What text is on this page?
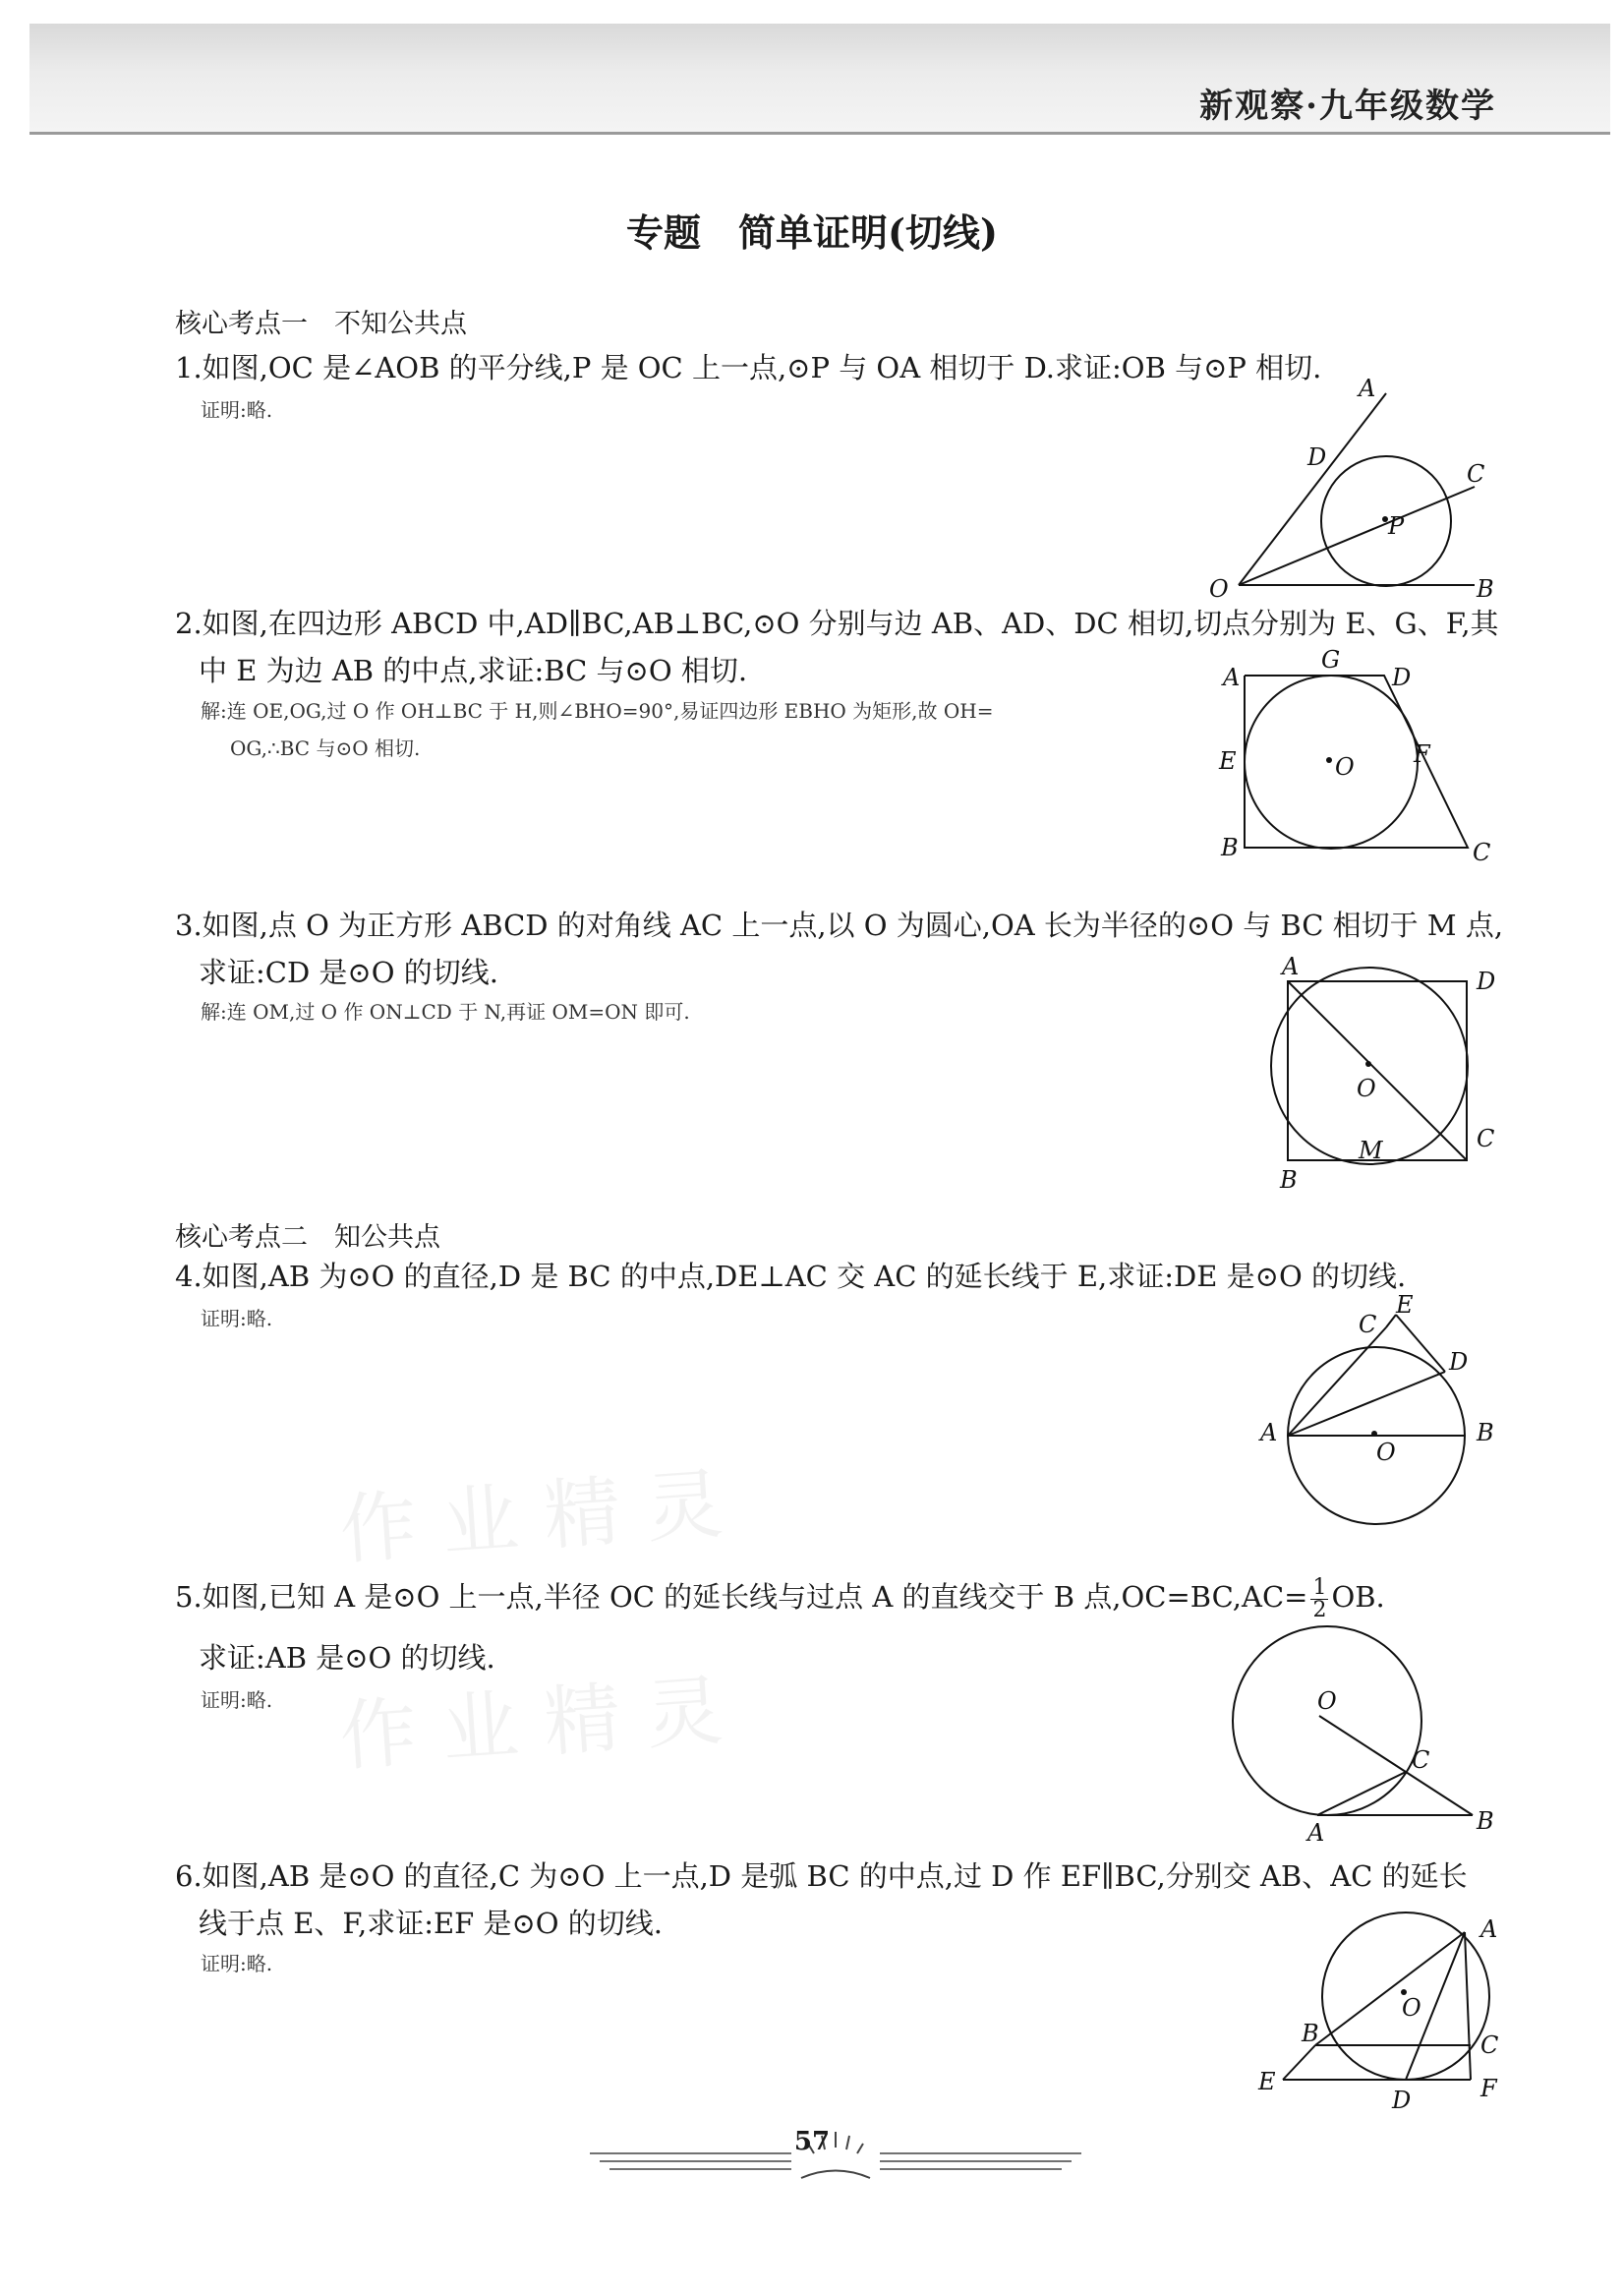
新观察·九年级数学
专题　简单证明(切线)
核心考点一　不知公共点
1.如图,OC 是∠AOB 的平分线,P 是 OC 上一点,⊙P 与 OA 相切于 D.求证:OB 与⊙P 相切.
证明:略.
A
D
C
P
O	B
2.如图,在四边形 ABCD 中,AD∥BC,AB⊥BC,⊙O 分别与边 AB、AD、DC 相切,切点分别为 E、G、F,其
中 E 为边 AB 的中点,求证:BC 与⊙O 相切.
解:连 OE,OG,过 O 作 OH⊥BC 于 H,则∠BHO=90°,易证四边形 EBHO 为矩形,故 OH=
OG,∴BC 与⊙O 相切.
A
G
D
F
E	O
B	C
3.如图,点 O 为正方形 ABCD 的对角线 AC 上一点,以 O 为圆心,OA 长为半径的⊙O 与 BC 相切于 M 点,
求证:CD 是⊙O 的切线.
解:连 OM,过 O 作 ON⊥CD 于 N,再证 OM=ON 即可.
A
D
O
B
M	C
核心考点二　知公共点
4.如图,AB 为⊙O 的直径,D 是 BC 的中点,DE⊥AC 交 AC 的延长线于 E,求证:DE 是⊙O 的切线.
证明:略.	E
C
D
A
O
B
5.如图,已知 A 是⊙O 上一点,半径 OC 的延长线与过点 A 的直线交于 B 点$,OC=BC,AC= \frac{1}{2}$ OB.
求证:AB 是⊙O 的切线.
证明:略.	O
C
A	B
6.如图,AB 是⊙O 的直径,C 为⊙O 上一点,D 是弧 BC 的中点,过 D 作 EF∥BC,分别交 AB、AC 的延长
线于点 E、F,求证:EF 是⊙O 的切线.
证明:略.
A
O
B	C
E
D	F
作业精灵
作业精灵
57
